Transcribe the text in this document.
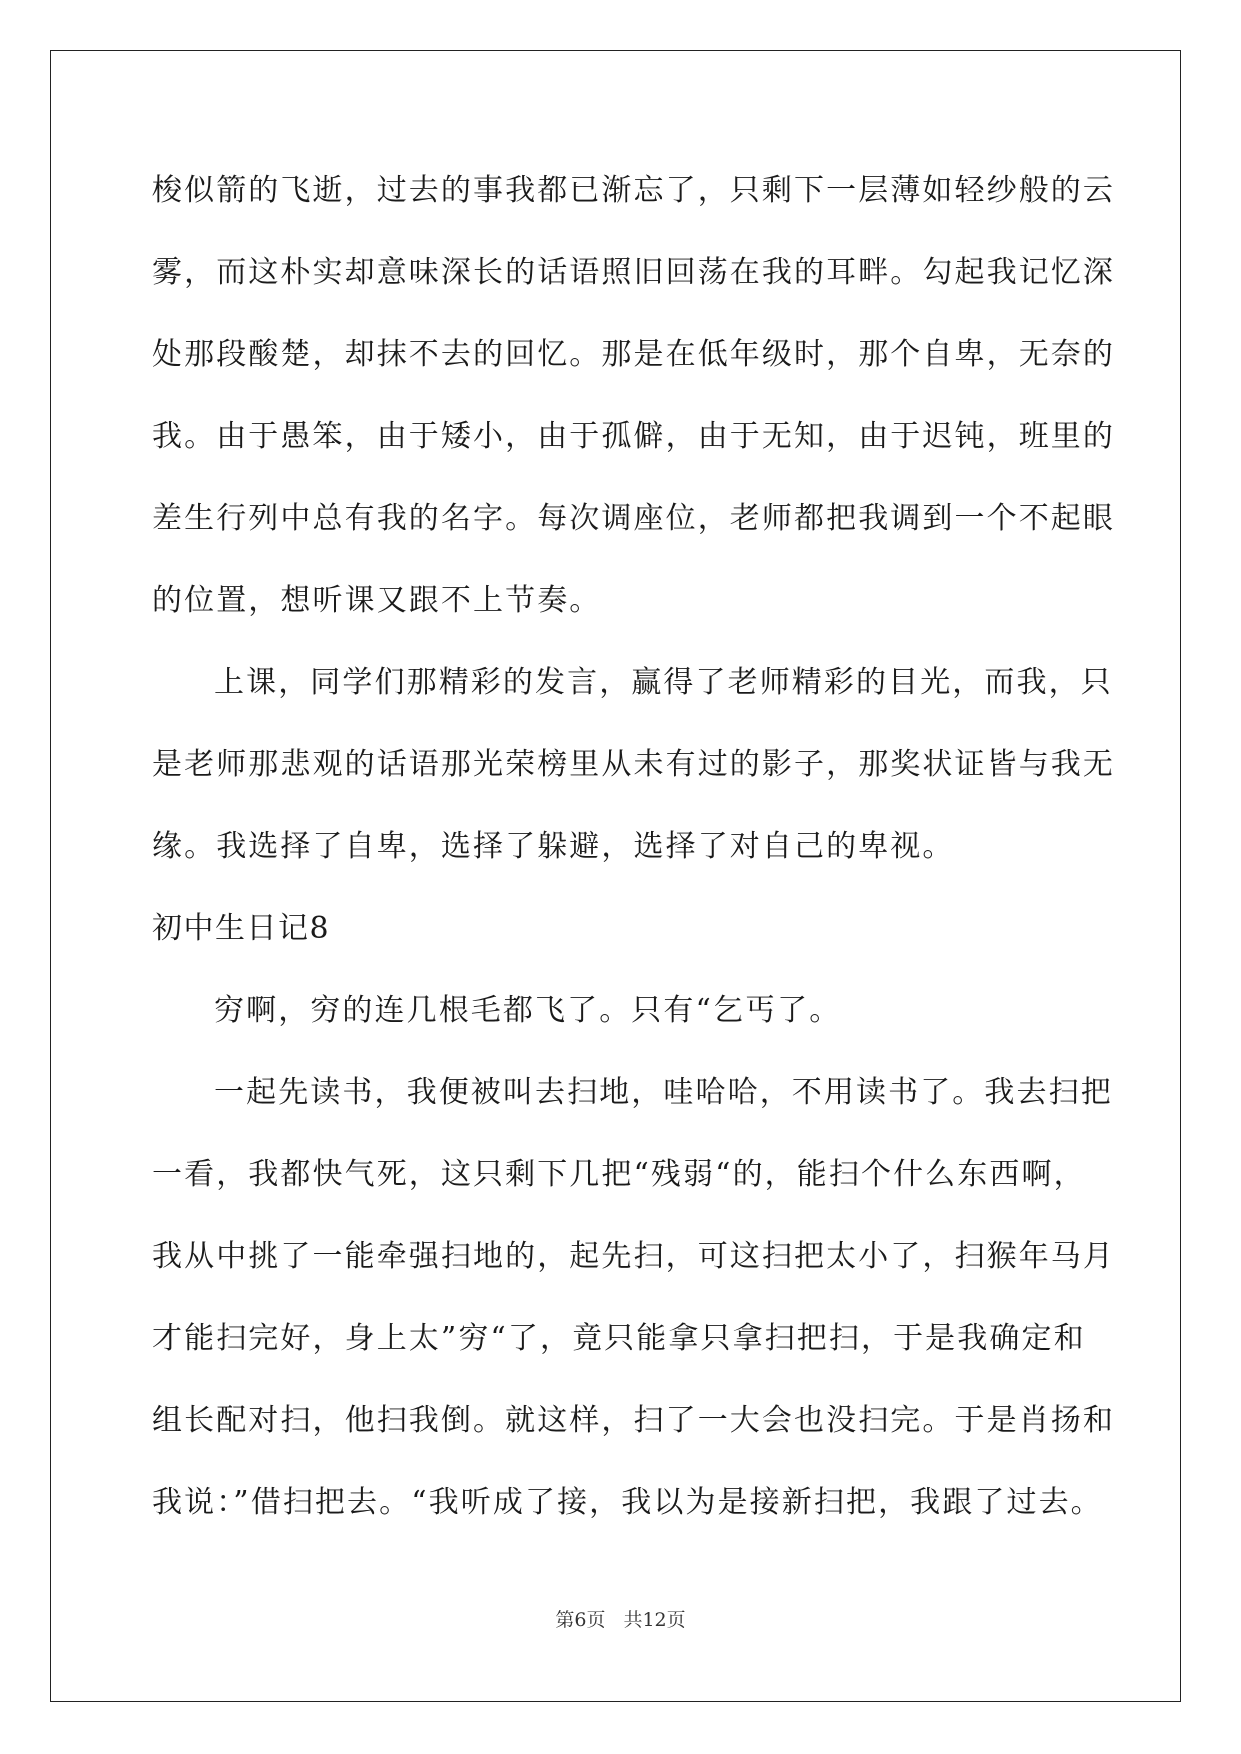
梭似箭的飞逝，过去的事我都已渐忘了，只剩下一层薄如轻纱般的云

雾，而这朴实却意味深长的话语照旧回荡在我的耳畔。勾起我记忆深

处那段酸楚，却抹不去的回忆。那是在低年级时，那个自卑，无奈的

我。由于愚笨，由于矮小，由于孤僻，由于无知，由于迟钝，班里的

差生行列中总有我的名字。每次调座位，老师都把我调到一个不起眼

的位置，想听课又跟不上节奏。

上课，同学们那精彩的发言，赢得了老师精彩的目光，而我，只

是老师那悲观的话语那光荣榜里从未有过的影子，那奖状证皆与我无

缘。我选择了自卑，选择了躲避，选择了对自己的卑视。

初中生日记8

穷啊，穷的连几根毛都飞了。只有“乞丐了。

一起先读书，我便被叫去扫地，哇哈哈，不用读书了。我去扫把

一看，我都快气死，这只剩下几把“残弱“的，能扫个什么东西啊，

我从中挑了一能牵强扫地的，起先扫，可这扫把太小了，扫猴年马月

才能扫完好，身上太”穷“了，竟只能拿只拿扫把扫，于是我确定和

组长配对扫，他扫我倒。就这样，扫了一大会也没扫完。于是肖扬和

我说：”借扫把去。“我听成了接，我以为是接新扫把，我跟了过去。

第6页 共12页
